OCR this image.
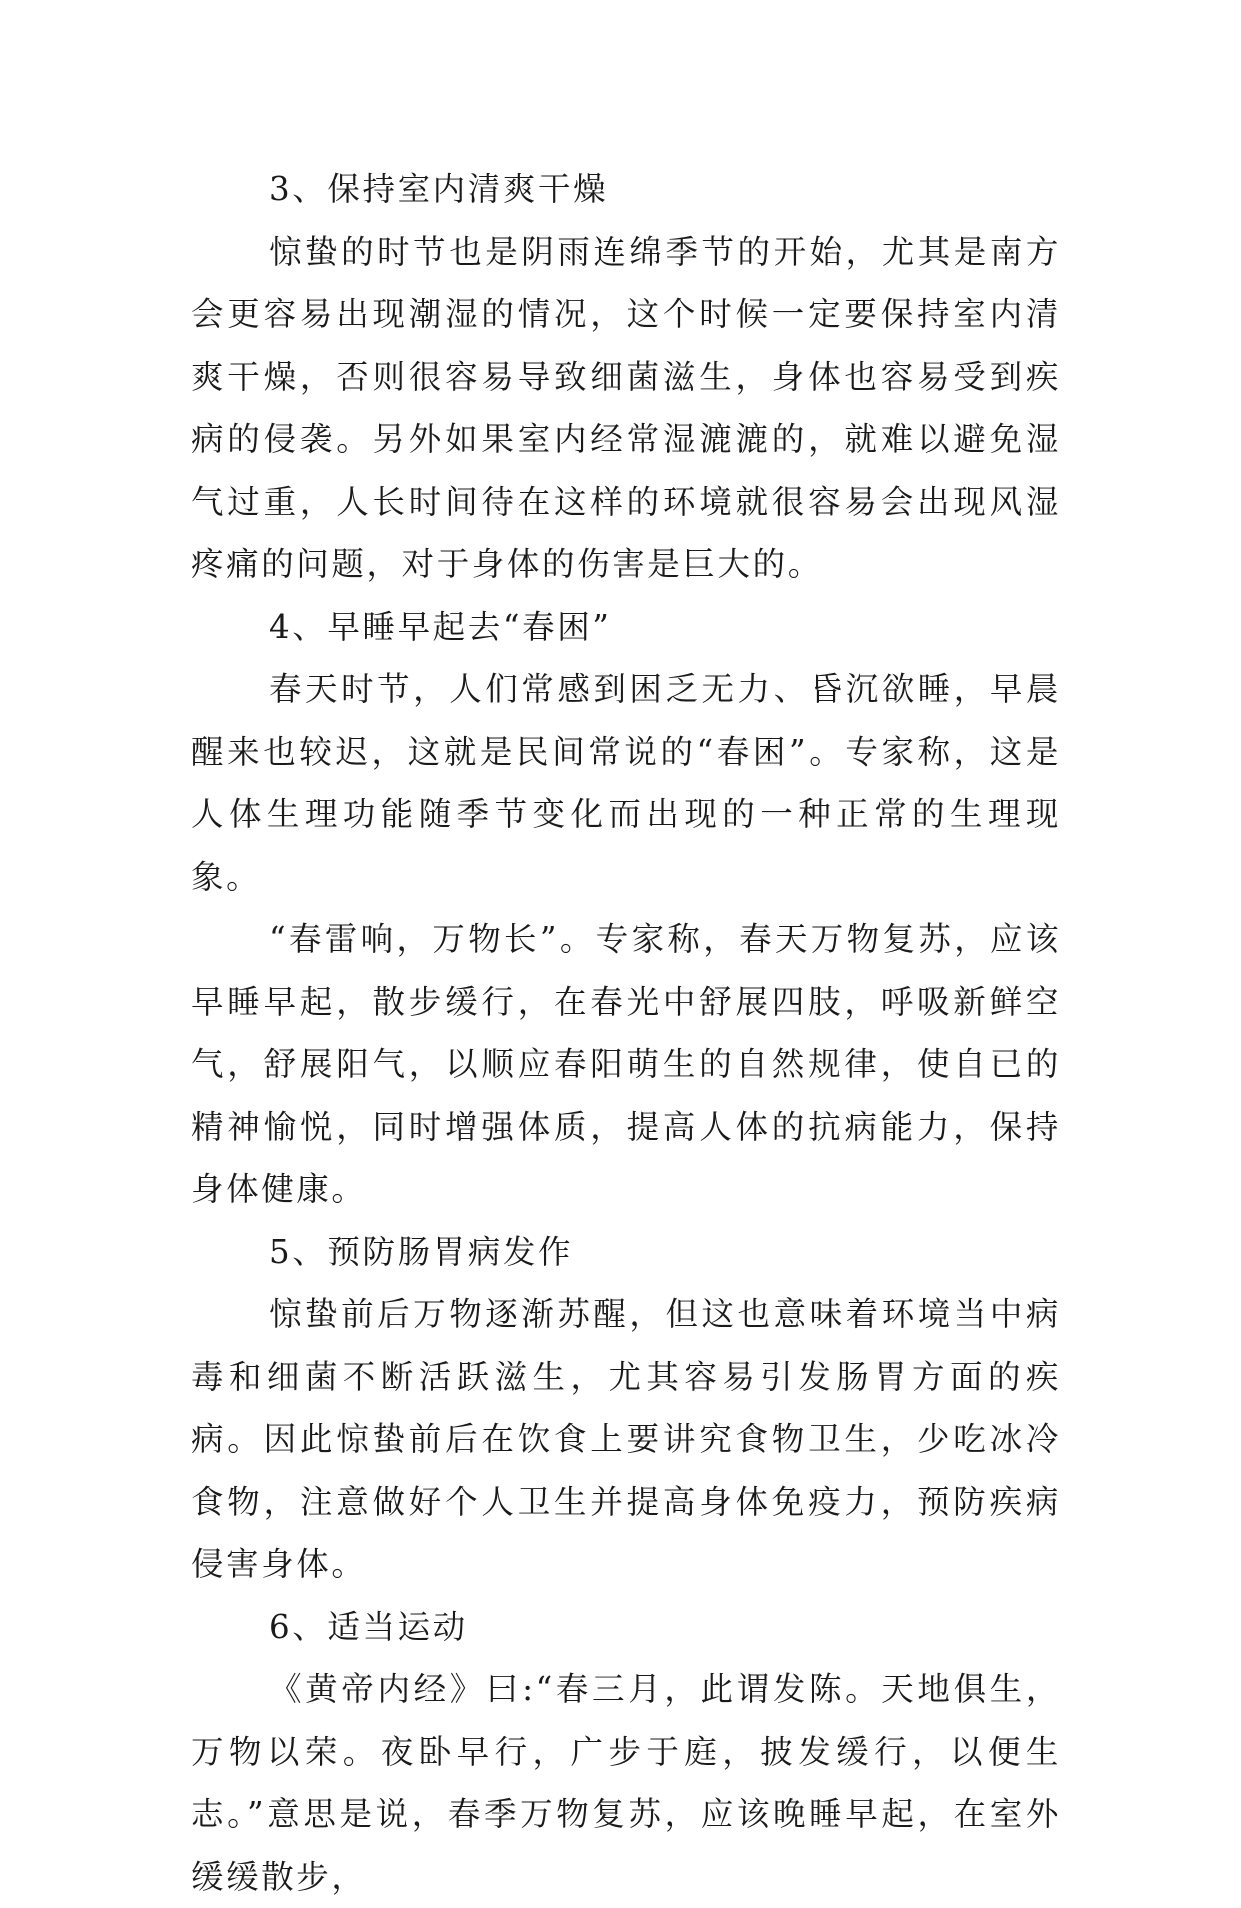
3、保持室内清爽干燥

惊蛰的时节也是阴雨连绵季节的开始，尤其是南方会更容易出现潮湿的情况，这个时候一定要保持室内清爽干燥，否则很容易导致细菌滋生，身体也容易受到疾病的侵袭。另外如果室内经常湿漉漉的，就难以避免湿气过重，人长时间待在这样的环境就很容易会出现风湿疼痛的问题，对于身体的伤害是巨大的。

4、早睡早起去“春困”

春天时节，人们常感到困乏无力、昏沉欲睡，早晨醒来也较迟，这就是民间常说的“春困”。专家称，这是人体生理功能随季节变化而出现的一种正常的生理现象。

“春雷响，万物长”。专家称，春天万物复苏，应该早睡早起，散步缓行，在春光中舒展四肢，呼吸新鲜空气，舒展阳气，以顺应春阳萌生的自然规律，使自已的精神愉悦，同时增强体质，提高人体的抗病能力，保持身体健康。

5、预防肠胃病发作

惊蛰前后万物逐渐苏醒，但这也意味着环境当中病毒和细菌不断活跃滋生，尤其容易引发肠胃方面的疾病。因此惊蛰前后在饮食上要讲究食物卫生，少吃冰冷食物，注意做好个人卫生并提高身体免疫力，预防疾病侵害身体。

6、适当运动

《黄帝内经》曰:“春三月，此谓发陈。天地俱生，万物以荣。夜卧早行，广步于庭，披发缓行，以便生志。”意思是说，春季万物复苏，应该晚睡早起，在室外缓缓散步，
